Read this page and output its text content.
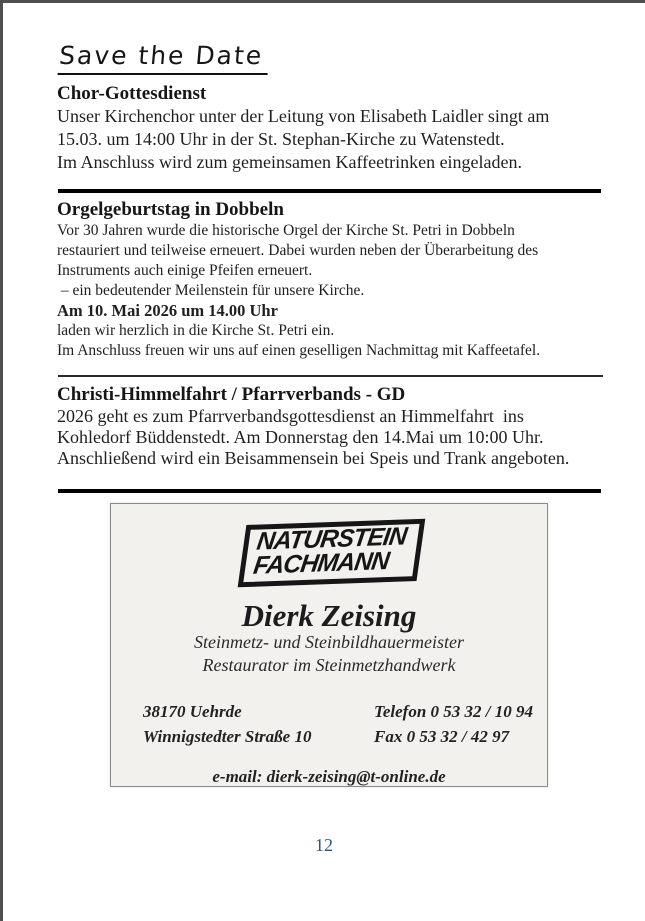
Save the Date
Chor-Gottesdienst
Unser Kirchenchor unter der Leitung von Elisabeth Laidler singt am
15.03. um 14:00 Uhr in der St. Stephan-Kirche zu Watenstedt.
Im Anschluss wird zum gemeinsamen Kaffeetrinken eingeladen.
Orgelgeburtstag in Dobbeln
Vor 30 Jahren wurde die historische Orgel der Kirche St. Petri in Dobbeln
restauriert und teilweise erneuert. Dabei wurden neben der Überarbeitung des
Instruments auch einige Pfeifen erneuert.
– ein bedeutender Meilenstein für unsere Kirche.
Am 10. Mai 2026 um 14.00 Uhr
laden wir herzlich in die Kirche St. Petri ein.
Im Anschluss freuen wir uns auf einen geselligen Nachmittag mit Kaffeetafel.
Christi-Himmelfahrt / Pfarrverbands - GD
2026 geht es zum Pfarrverbandsgottesdienst an Himmelfahrt  ins
Kohledorf Büddenstedt. Am Donnerstag den 14.Mai um 10:00 Uhr.
Anschließend wird ein Beisammensein bei Speis und Trank angeboten.
NATURSTEIN
FACHMANN
Dierk Zeising
Steinmetz- und Steinbildhauermeister
Restaurator im Steinmetzhandwerk
38170 Uehrde
Winnigstedter Straße 10
Telefon 0 53 32 / 10 94
Fax 0 53 32 / 42 97
e-mail: dierk-zeising@t-online.de
12
